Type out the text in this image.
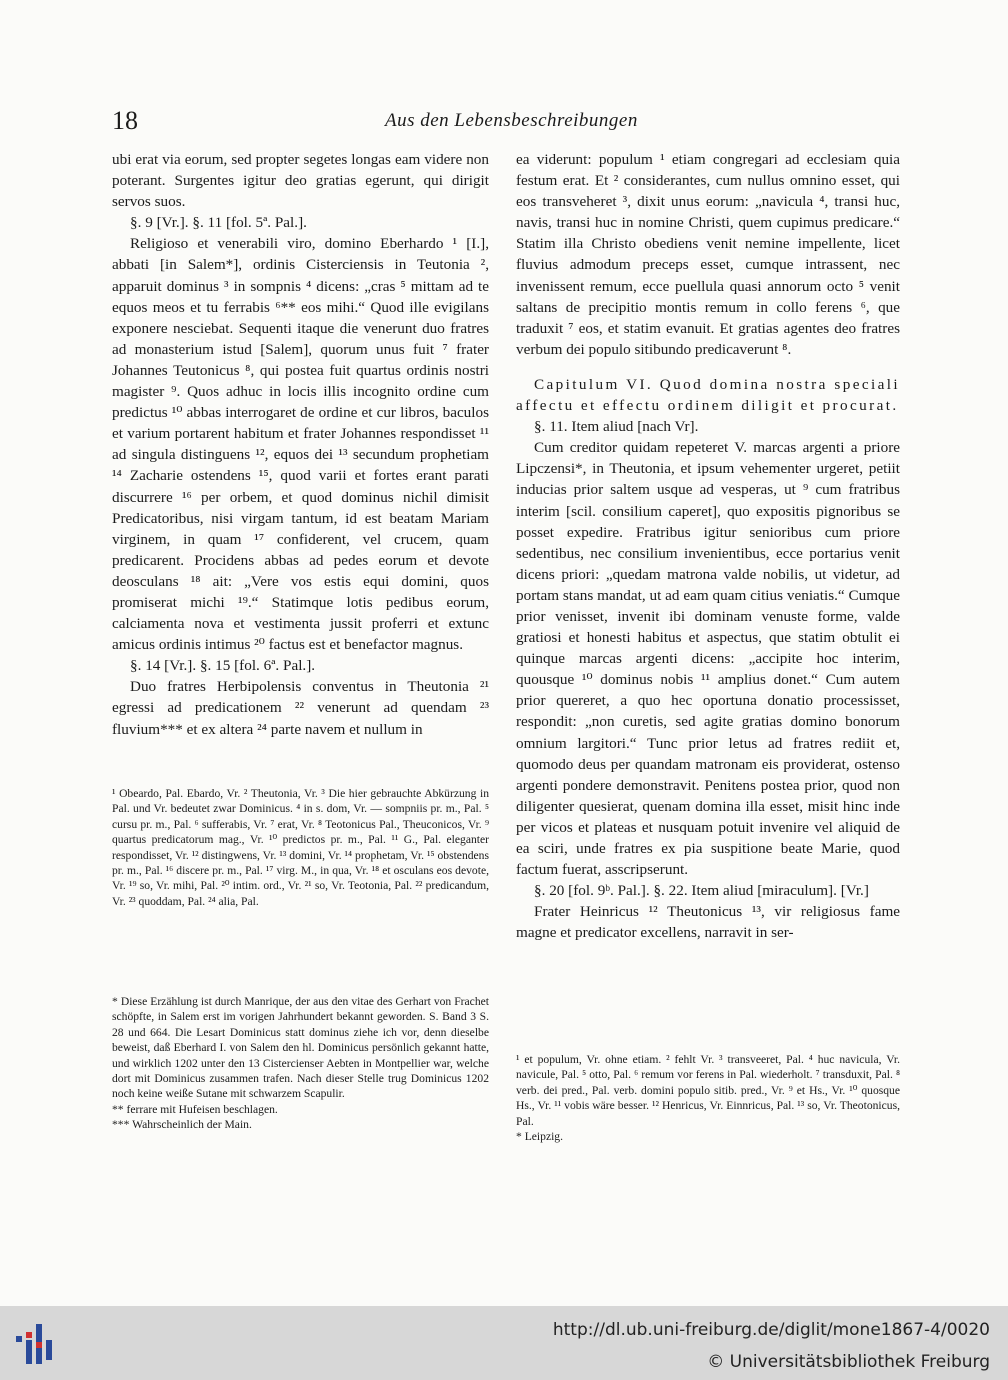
18	Aus den Lebensbeschreibungen

ubi erat via eorum, sed propter segetes longas eam videre non poterant. Surgentes igitur deo gratias egerunt, qui dirigit servos suos.

§. 9 [Vr.]. §. 11 [fol. 5ª. Pal.].

Religioso et venerabili viro, domino Eberhardo ¹ [I.], abbati [in Salem*], ordinis Cisterciensis in Teutonia ², apparuit dominus ³ in sompnis ⁴ dicens: „cras ⁵ mittam ad te equos meos et tu ferrabis ⁶** eos mihi.“ Quod ille evigilans exponere nesciebat. Sequenti itaque die venerunt duo fratres ad monasterium istud [Salem], quorum unus fuit ⁷ frater Johannes Teutonicus ⁸, qui postea fuit quartus ordinis nostri magister ⁹. Quos adhuc in locis illis incognito ordine cum predictus ¹⁰ abbas interrogaret de ordine et cur libros, baculos et varium portarent habitum et frater Johannes respondisset ¹¹ ad singula distinguens ¹², equos dei ¹³ secundum prophetiam ¹⁴ Zacharie ostendens ¹⁵, quod varii et fortes erant parati discurrere ¹⁶ per orbem, et quod dominus nichil dimisit Predicatoribus, nisi virgam tantum, id est beatam Mariam virginem, in quam ¹⁷ confiderent, vel crucem, quam predicarent. Procidens abbas ad pedes eorum et devote deosculans ¹⁸ ait: „Vere vos estis equi domini, quos promiserat michi ¹⁹.“ Statimque lotis pedibus eorum, calciamenta nova et vestimenta jussit proferri et extunc amicus ordinis intimus ²⁰ factus est et benefactor magnus.

§. 14 [Vr.]. §. 15 [fol. 6ª. Pal.].

Duo fratres Herbipolensis conventus in Theutonia ²¹ egressi ad predicationem ²² venerunt ad quendam ²³ fluvium*** et ex altera ²⁴ parte navem et nullum in

¹ Obeardo, Pal. Ebardo, Vr. ² Theutonia, Vr. ³ Die hier gebrauchte Abkürzung in Pal. und Vr. bedeutet zwar Dominicus. ⁴ in s. dom, Vr. — sompniis pr. m., Pal. ⁵ cursu pr. m., Pal. ⁶ sufferabis, Vr. ⁷ erat, Vr. ⁸ Teotonicus Pal., Theuconicos, Vr. ⁹ quartus predicatorum mag., Vr. ¹⁰ predictos pr. m., Pal. ¹¹ G., Pal. eleganter respondisset, Vr. ¹² distingwens, Vr. ¹³ domini, Vr. ¹⁴ prophetam, Vr. ¹⁵ obstendens pr. m., Pal. ¹⁶ discere pr. m., Pal. ¹⁷ virg. M., in qua, Vr. ¹⁸ et osculans eos devote, Vr. ¹⁹ so, Vr. mihi, Pal. ²⁰ intim. ord., Vr. ²¹ so, Vr. Teotonia, Pal. ²² predicandum, Vr. ²³ quoddam, Pal. ²⁴ alia, Pal.

* Diese Erzählung ist durch Manrique, der aus den vitae des Gerhart von Frachet schöpfte, in Salem erst im vorigen Jahrhundert bekannt geworden. S. Band 3 S. 28 und 664. Die Lesart Dominicus statt dominus ziehe ich vor, denn dieselbe beweist, daß Eberhard I. von Salem den hl. Dominicus persönlich gekannt hatte, und wirklich 1202 unter den 13 Cistercienser Aebten in Montpellier war, welche dort mit Dominicus zusammen trafen. Nach dieser Stelle trug Dominicus 1202 noch keine weiße Sutane mit schwarzem Scapulir.

** ferrare mit Hufeisen beschlagen.

*** Wahrscheinlich der Main.

ea viderunt: populum ¹ etiam congregari ad ecclesiam quia festum erat. Et ² considerantes, cum nullus omnino esset, qui eos transveheret ³, dixit unus eorum: „navicula ⁴, transi huc, navis, transi huc in nomine Christi, quem cupimus predicare.“ Statim illa Christo obediens venit nemine impellente, licet fluvius admodum preceps esset, cumque intrassent, nec invenissent remum, ecce puellula quasi annorum octo ⁵ venit saltans de precipitio montis remum in collo ferens ⁶, que traduxit ⁷ eos, et statim evanuit. Et gratias agentes deo fratres verbum dei populo sitibundo predicaverunt ⁸.

Capitulum VI. Quod domina nostra speciali affectu et effectu ordinem diligit et procurat.

§. 11. Item aliud [nach Vr].

Cum creditor quidam repeteret V. marcas argenti a priore Lipczensi*, in Theutonia, et ipsum vehementer urgeret, petiit inducias prior saltem usque ad vesperas, ut ⁹ cum fratribus interim [scil. consilium caperet], quo expositis pignoribus se posset expedire. Fratribus igitur senioribus cum priore sedentibus, nec consilium invenientibus, ecce portarius venit dicens priori: „quedam matrona valde nobilis, ut videtur, ad portam stans mandat, ut ad eam quam citius veniatis.“ Cumque prior venisset, invenit ibi dominam venuste forme, valde gratiosi et honesti habitus et aspectus, que statim obtulit ei quinque marcas argenti dicens: „accipite hoc interim, quousque ¹⁰ dominus nobis ¹¹ amplius donet.“ Cum autem prior quereret, a quo hec oportuna donatio processisset, respondit: „non curetis, sed agite gratias domino bonorum omnium largitori.“ Tunc prior letus ad fratres rediit et, quomodo deus per quandam matronam eis providerat, ostenso argenti pondere demonstravit. Penitens postea prior, quod non diligenter quesierat, quenam domina illa esset, misit hinc inde per vicos et plateas et nusquam potuit invenire vel aliquid de ea sciri, unde fratres ex pia suspitione beate Marie, quod factum fuerat, asscripserunt.

§. 20 [fol. 9ᵇ. Pal.]. §. 22. Item aliud [miraculum]. [Vr.]

Frater Heinricus ¹² Theutonicus ¹³, vir religiosus fame magne et predicator excellens, narravit in ser-

¹ et populum, Vr. ohne etiam. ² fehlt Vr. ³ transveeret, Pal. ⁴ huc navicula, Vr. navicule, Pal. ⁵ otto, Pal. ⁶ remum vor ferens in Pal. wiederholt. ⁷ transduxit, Pal. ⁸ verb. dei pred., Pal. verb. domini populo sitib. pred., Vr. ⁹ et Hs., Vr. ¹⁰ quosque Hs., Vr. ¹¹ vobis wäre besser. ¹² Henricus, Vr. Einnricus, Pal. ¹³ so, Vr. Theotonicus, Pal.

* Leipzig.

http://dl.ub.uni-freiburg.de/diglit/mone1867-4/0020
© Universitätsbibliothek Freiburg
